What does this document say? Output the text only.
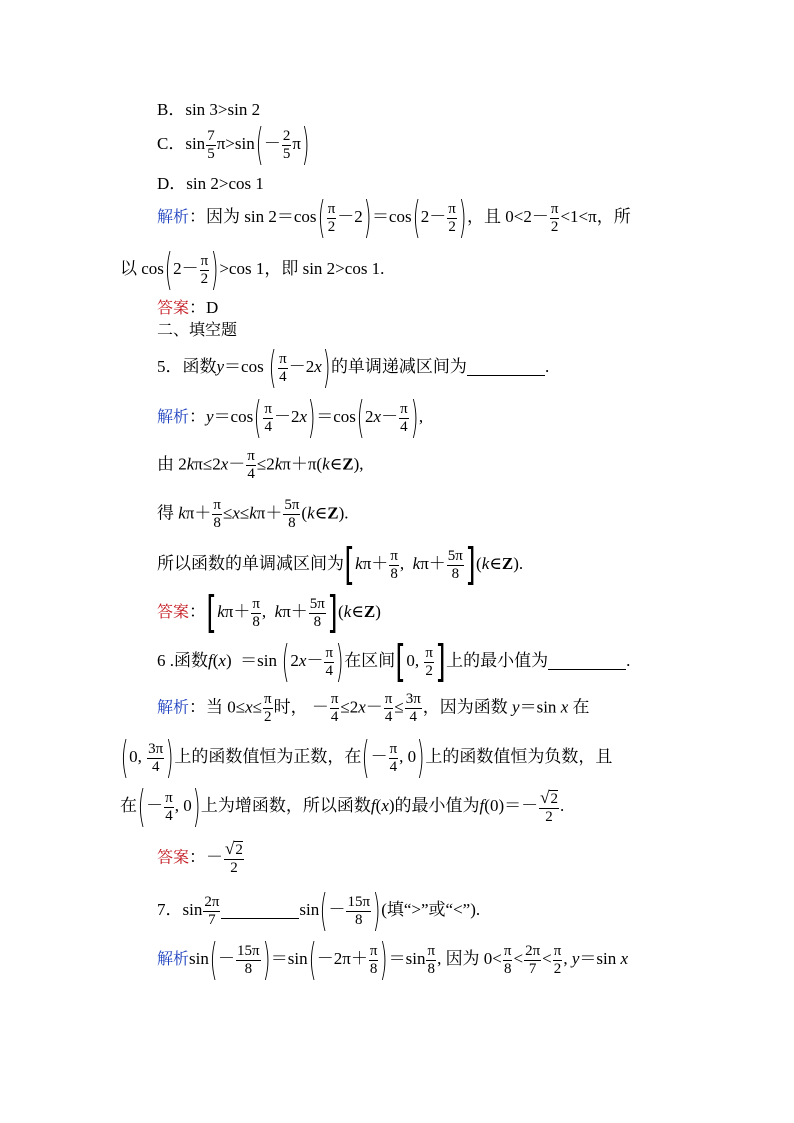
B．sin 3>sin 2
C．$\sin \frac{7}{5} \pi>\sin(- \frac{2}{5} \pi)$
D．sin 2>cos 1
解析：因为 $\sin 2=\cos( \frac{\pi}{2} -2)=\cos(2- \frac{\pi}{2}$ )，且 $0<2- \frac{\pi}{2} <1<\pi$，所
以 $\cos(2- \frac{\pi}{2} )>\cos$ 1，即 sin 2>cos 1.
答案：D
二、填空题
5．函数y＝cos ( $\frac{\pi}{4} -2x$)的单调递减区间为	.
解析：$y=\cos( \frac{\pi}{4} -2x)=\cos(2x- \frac{\pi}{4}$ ),
由 $2k\pi\le 2x- \frac{\pi}{4}$ ≤2kπ＋π(k∈Z),
得 $k\pi+ \frac{\pi}{8} \le x\le k\pi+ \frac{5\pi}{8}$ (k∈Z).
所以函数的单调减区间为[$k\pi+ \frac{\pi}{8}$ ,  $k\pi+ \frac{5\pi}{8}$ ](k∈Z).
答案：[$k\pi+ \frac{\pi}{8}$ ,  $k\pi+ \frac{5\pi}{8}$ ](k∈Z)
6 .函数f(x)  ＝sin ($2x- \frac{\pi}{4}$ )在区间[0, $\frac{\pi}{2}$ ]上的最小值为	.
解析：当 $0\le x\le \frac{\pi}{2}$ 时， － $\frac{\pi}{4} \le 2x- \frac{\pi}{4} \le \frac{3\pi}{4}$ ，因为函数 y＝sin x 在
(0, $\frac{3\pi}{4}$ )上的函数值恒为正数，在(－ $\frac{\pi}{4}$ , 0)上的函数值恒为负数，且
在(－ $\frac{\pi}{4}$ , 0)上为增函数，所以函数f(x)的最小值为$f(0)=- \frac{√2}{2}$ .
答案：－ $\frac{√2}{2}$
7．$\sin \frac{2\pi}{7}$	$\sin(- \frac{15\pi}{8}$ )(填“>”或“<”).
解析$\sin(- \frac{15\pi}{8} )=\sin(-2\pi+ \frac{\pi}{8} )=\sin \frac{\pi}{8}$ , 因为 $0< \frac{\pi}{8} < \frac{2\pi}{7} < \frac{\pi}{2}$ , y＝sin x
